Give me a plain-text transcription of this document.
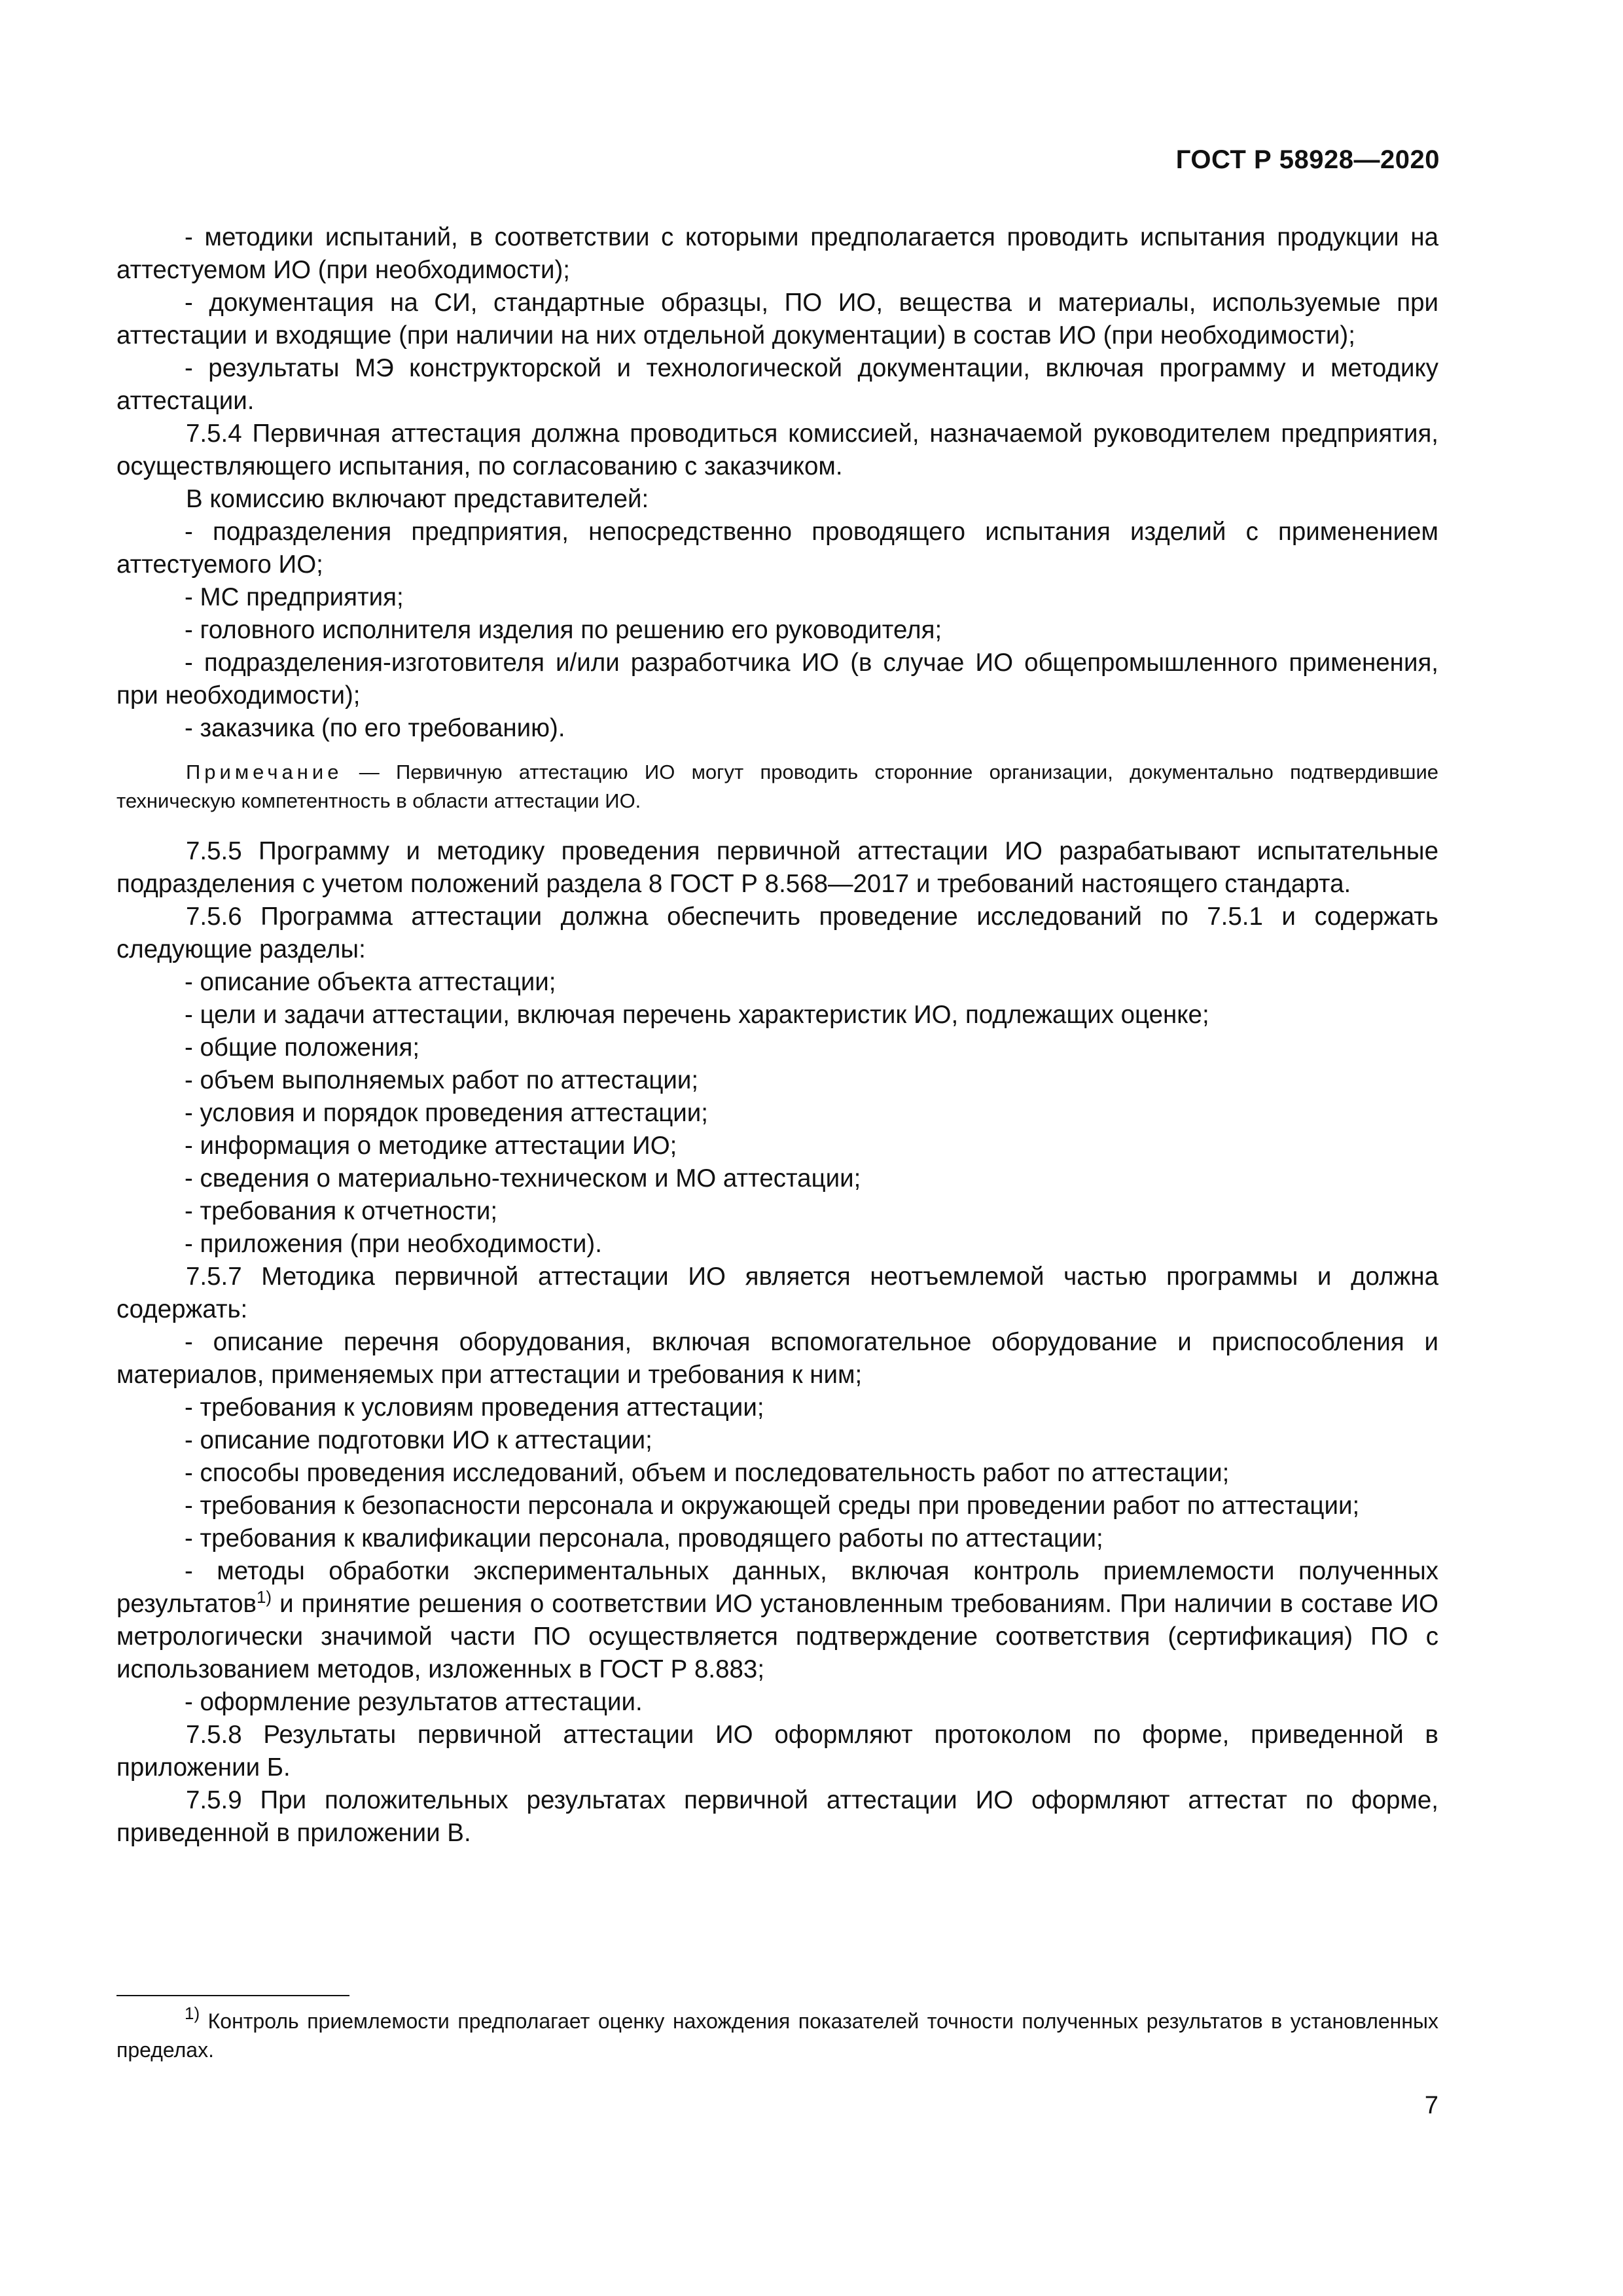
ГОСТ Р 58928—2020

- методики испытаний, в соответствии с которыми предполагается проводить испытания продукции на аттестуемом ИО (при необходимости);

- документация на СИ, стандартные образцы, ПО ИО, вещества и материалы, используемые при аттестации и входящие (при наличии на них отдельной документации) в состав ИО (при необходимости);

- результаты МЭ конструкторской и технологической документации, включая программу и методику аттестации.

7.5.4 Первичная аттестация должна проводиться комиссией, назначаемой руководителем предприятия, осуществляющего испытания, по согласованию с заказчиком.

В комиссию включают представителей:

- подразделения предприятия, непосредственно проводящего испытания изделий с применением аттестуемого ИО;

- МС предприятия;

- головного исполнителя изделия по решению его руководителя;

- подразделения-изготовителя и/или разработчика ИО (в случае ИО общепромышленного применения, при необходимости);

- заказчика (по его требованию).

Примечание — Первичную аттестацию ИО могут проводить сторонние организации, документально подтвердившие техническую компетентность в области аттестации ИО.

7.5.5 Программу и методику проведения первичной аттестации ИО разрабатывают испытательные подразделения с учетом положений раздела 8 ГОСТ Р 8.568—2017 и требований настоящего стандарта.

7.5.6 Программа аттестации должна обеспечить проведение исследований по 7.5.1 и содержать следующие разделы:

- описание объекта аттестации;

- цели и задачи аттестации, включая перечень характеристик ИО, подлежащих оценке;

- общие положения;

- объем выполняемых работ по аттестации;

- условия и порядок проведения аттестации;

- информация о методике аттестации ИО;

- сведения о материально-техническом и МО аттестации;

- требования к отчетности;

- приложения (при необходимости).

7.5.7 Методика первичной аттестации ИО является неотъемлемой частью программы и должна содержать:

- описание перечня оборудования, включая вспомогательное оборудование и приспособления и материалов, применяемых при аттестации и требования к ним;

- требования к условиям проведения аттестации;

- описание подготовки ИО к аттестации;

- способы проведения исследований, объем и последовательность работ по аттестации;

- требования к безопасности персонала и окружающей среды при проведении работ по аттестации;

- требования к квалификации персонала, проводящего работы по аттестации;

- методы обработки экспериментальных данных, включая контроль приемлемости полученных результатов$^{1)}$ и принятие решения о соответствии ИО установленным требованиям. При наличии в составе ИО метрологически значимой части ПО осуществляется подтверждение соответствия (сертификация) ПО с использованием методов, изложенных в ГОСТ Р 8.883;

- оформление результатов аттестации.

7.5.8 Результаты первичной аттестации ИО оформляют протоколом по форме, приведенной в приложении Б.

7.5.9 При положительных результатах первичной аттестации ИО оформляют аттестат по форме, приведенной в приложении В.

$^{1)}$ Контроль приемлемости предполагает оценку нахождения показателей точности полученных результатов в установленных пределах.

7
